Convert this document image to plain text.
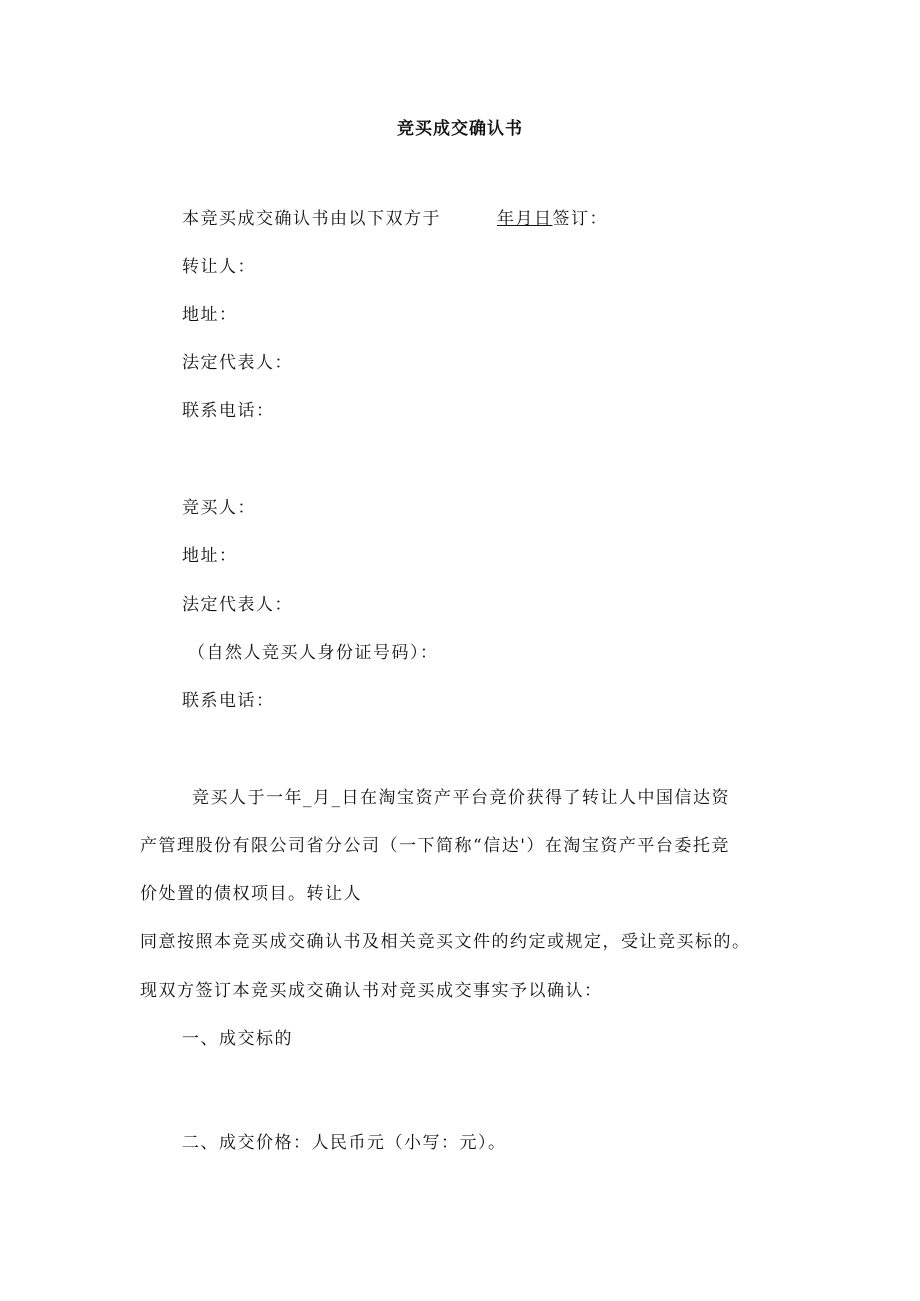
竞买成交确认书
本竞买成交确认书由以下双方于	年月日签订：
转让人：
地址：
法定代表人：
联系电话：
竞买人：
地址：
法定代表人：
（自然人竞买人身份证号码）：
联系电话：
竞买人于一年_月_日在淘宝资产平台竞价获得了转让人中国信达资
产管理股份有限公司省分公司（一下简称“信达'）在淘宝资产平台委托竞
价处置的债权项目。转让人
同意按照本竞买成交确认书及相关竞买文件的约定或规定，受让竞买标的。
现双方签订本竞买成交确认书对竞买成交事实予以确认：
一、成交标的
二、成交价格：人民币元（小写：元）。
